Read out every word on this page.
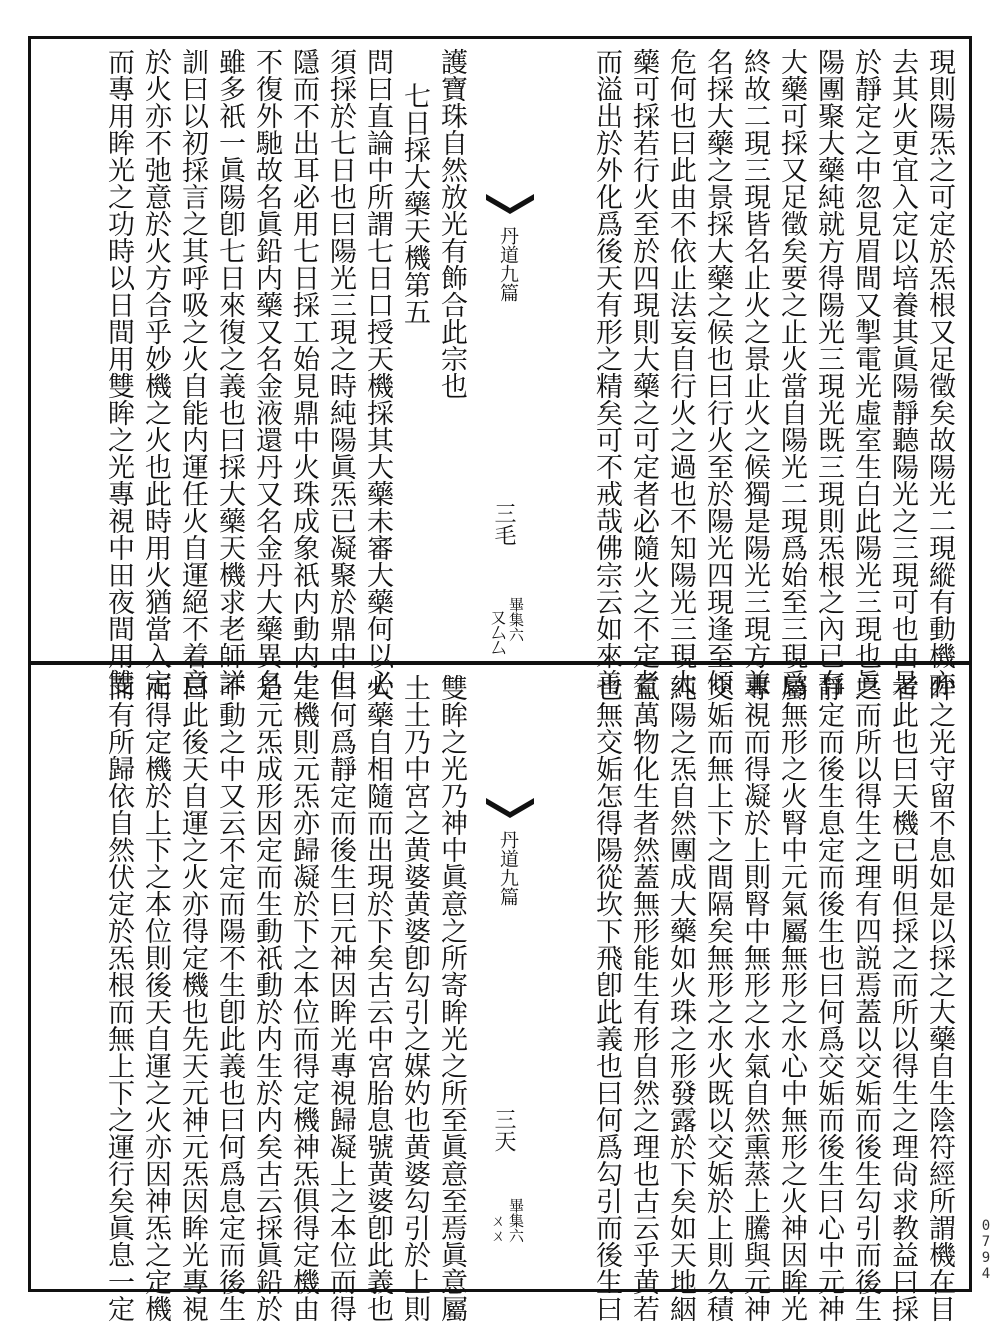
現則陽炁之可定於炁根又足徵矣故陽光二現縱有動機亦
去其火更宜入定以培養其眞陽靜聽陽光之三現可也由是
於靜定之中忽見眉間又掣電光虛室生白此陽光三現也眞
陽團聚大藥純就方得陽光三現光既三現則炁根之內已有
大藥可採又足徵矣要之止火當自陽光二現爲始至三現爲
終故二現三現皆名止火之景止火之候獨是陽光三現方兼
名採大藥之景採大藥之候也曰行火至於陽光四現逢至傾
危何也曰此由不依止法妄自行火之過也不知陽光三現大
藥可採若行火至於四現則大藥之可定者必隨火之不定者
而溢出於外化爲後天有形之精矣可不戒哉佛宗云如來善
丹道九篇
三毛
畢集六
又⼛⼛
護寶珠自然放光有飾合此宗也
七日採大藥天機第五
問曰直論中所謂七日口授天機採其大藥未審大藥何以必
須採於七日也曰陽光三現之時純陽眞炁已凝聚於鼎中但
隱而不出耳必用七日採工始見鼎中火珠成象祇内動内生
不復外馳故名眞鉛内藥又名金液還丹又名金丹大藥異名
雖多祇一眞陽卽七日來復之義也曰採大藥天機求老師詳
訓曰以初採言之其呼吸之火自能内運任火自運絕不着意
於火亦不弛意於火方合乎妙機之火也此時用火猶當入定
而專用眸光之功時以日間用雙眸之光專視中田夜間用雙
眸之光守留不息如是以採之大藥自生陰符經所謂機在目
者此也曰天機已明但採之而所以得生之理尙求教益曰採
之而所以得生之理有四説焉蓋以交姤而後生勾引而後生
靜定而後生息定而後生也曰何爲交姤而後生曰心中元神
屬無形之火腎中元氣屬無形之水心中無形之火神因眸光
專視而得凝於上則腎中無形之水氣自然熏蒸上騰與元神
交姤而無上下之間隔矣無形之水火既以交姤於上則久積
純陽之炁自然團成大藥如火珠之形發露於下矣如天地絪
氳萬物化生者然蓋無形能生有形自然之理也古云乎黄若
也無交姤怎得陽從坎下飛卽此義也曰何爲勾引而後生曰
丹道九篇
三天
畢集六
ㄨㄨ
雙眸之光乃神中眞意之所寄眸光之所至眞意至焉眞意屬
土土乃中宮之黄婆黄婆卽勾引之媒妁也黄婆勾引於上則
大藥自相隨而出現於下矣古云中宮胎息號黄婆卽此義也
曰何爲靜定而後生曰元神因眸光專視歸凝上之本位而得
定機則元炁亦歸凝於下之本位而得定機神炁俱得定機由
是元炁成形因定而生動祇動於内生於内矣古云採眞鉛於
不動之中又云不定而陽不生卽此義也曰何爲息定而後生
曰此後天自運之火亦得定機也先天元神元炁因眸光專視
而得定機於上下之本位則後天自運之火亦因神炁之定機
而有所歸依自然伏定於炁根而無上下之運行矣眞息一定	0794
